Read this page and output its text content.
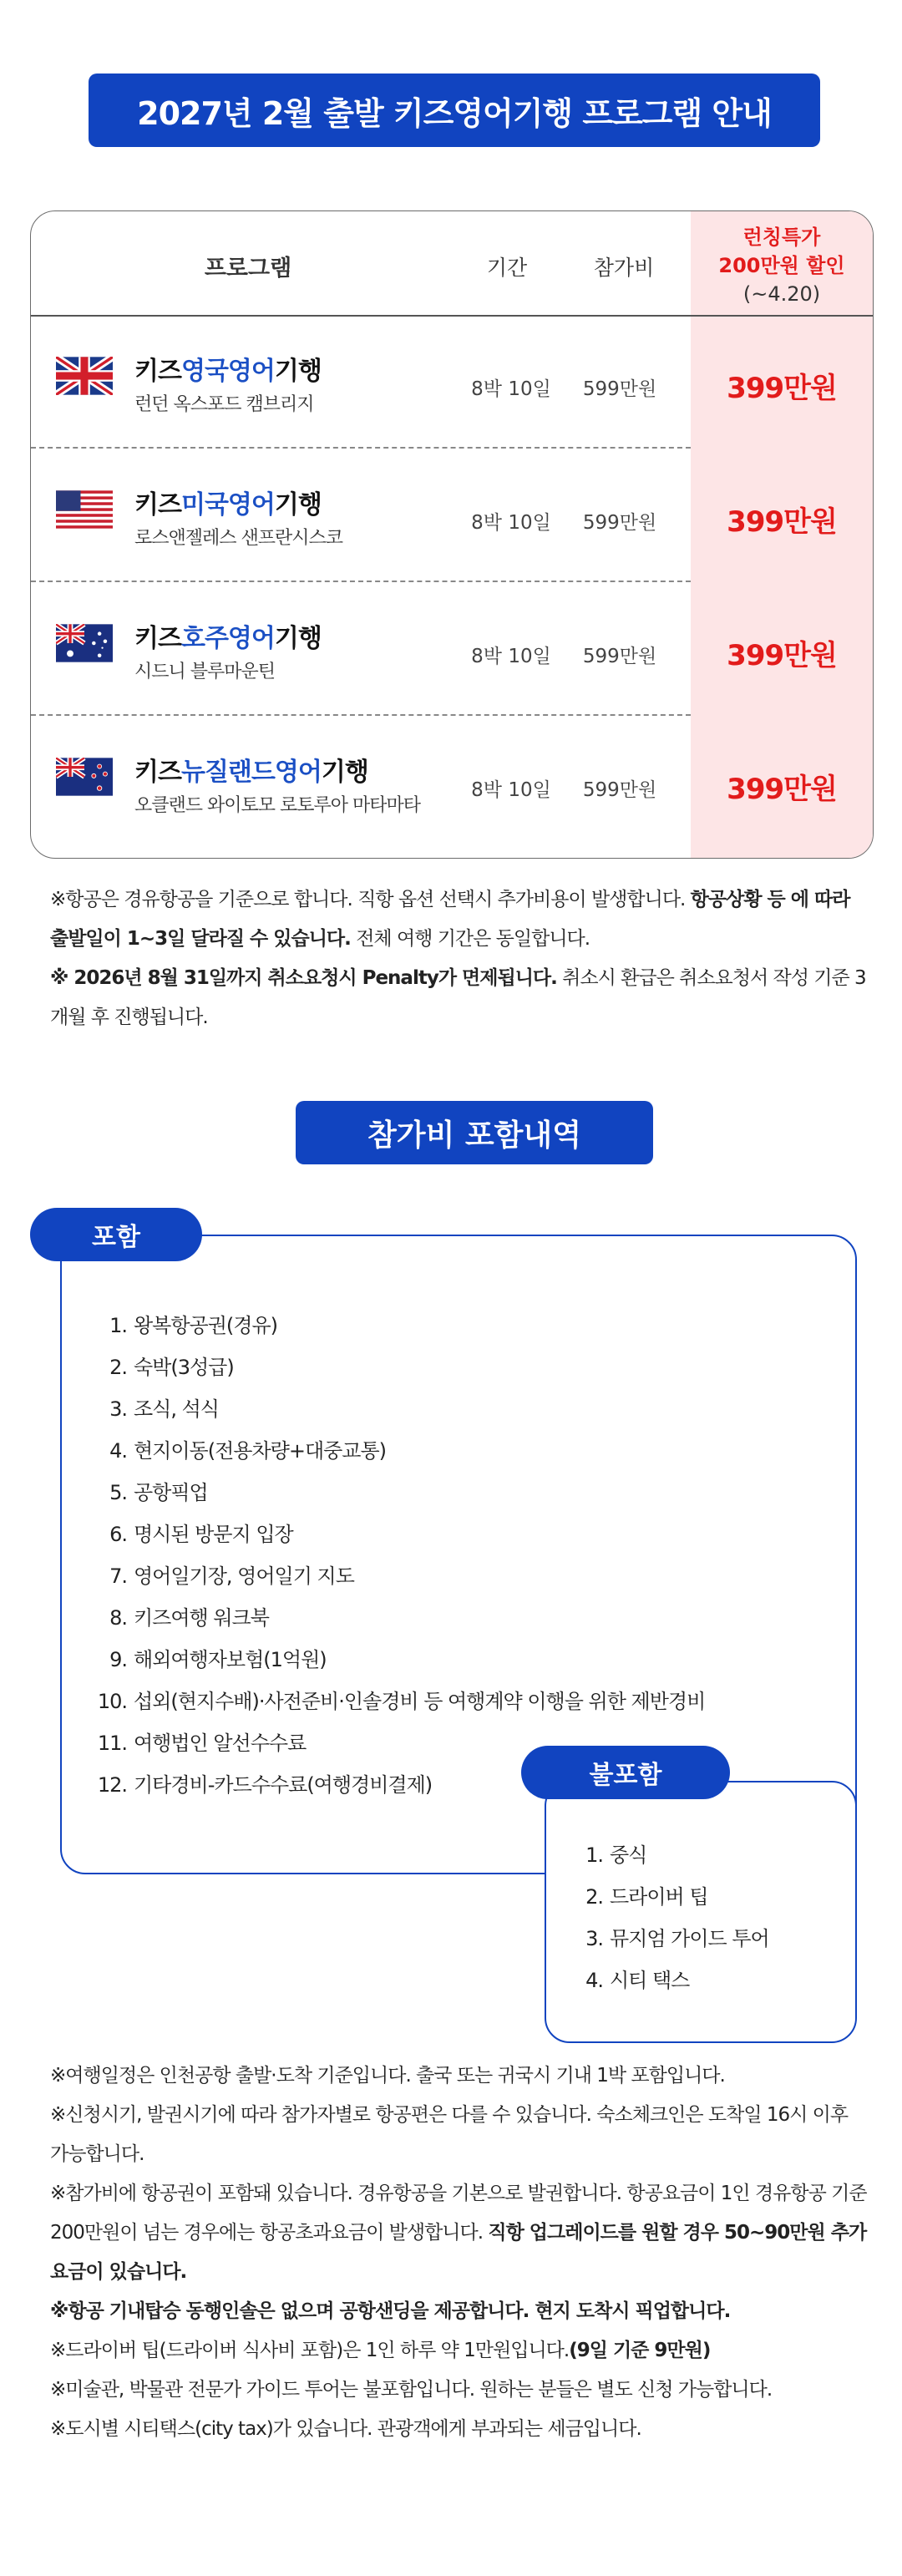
2027년 2월 출발 키즈영어기행 프로그램 안내
프로그램	기간	참가비
런칭특가
200만원 할인
(~4.20)
키즈영국영어기행
런던 옥스포드 캠브리지
8박 10일	599만원	399만원
키즈미국영어기행
로스앤젤레스 샌프란시스코
8박 10일	599만원	399만원
키즈호주영어기행
시드니 블루마운틴
8박 10일	599만원	399만원
키즈뉴질랜드영어기행
오클랜드 와이토모 로토루아 마타마타
8박 10일	599만원	399만원

※항공은 경유항공을 기준으로 합니다. 직항 옵션 선택시 추가비용이 발생합니다. 항공상황 등 에 따라 출발일이 1~3일 달라질 수 있습니다. 전체 여행 기간은 동일합니다.

※ 2026년 8월 31일까지 취소요청시 Penalty가 면제됩니다. 취소시 환급은 취소요청서 작성 기준 3개월 후 진행됩니다.

참가비 포함내역
포함
1. 왕복항공권(경유)
2. 숙박(3성급)
3. 조식, 석식
4. 현지이동(전용차량+대중교통)
5. 공항픽업
6. 명시된 방문지 입장
7. 영어일기장, 영어일기 지도
8. 키즈여행 워크북
9. 해외여행자보험(1억원)
10. 섭외(현지수배)·사전준비·인솔경비 등 여행계약 이행을 위한 제반경비
11. 여행법인 알선수수료
12. 기타경비-카드수수료(여행경비결제)	불포함
1. 중식
2. 드라이버 팁
3. 뮤지엄 가이드 투어
4. 시티 택스

※여행일정은 인천공항 출발·도착 기준입니다. 출국 또는 귀국시 기내 1박 포함입니다.

※신청시기, 발권시기에 따라 참가자별로 항공편은 다를 수 있습니다. 숙소체크인은 도착일 16시 이후 가능합니다.

※참가비에 항공권이 포함돼 있습니다. 경유항공을 기본으로 발권합니다. 항공요금이 1인 경유항공 기준 200만원이 넘는 경우에는 항공초과요금이 발생합니다. 직항 업그레이드를 원할 경우 50~90만원 추가요금이 있습니다.

※항공 기내탑승 동행인솔은 없으며 공항샌딩을 제공합니다. 현지 도착시 픽업합니다.

※드라이버 팁(드라이버 식사비 포함)은 1인 하루 약 1만원입니다.(9일 기준 9만원)

※미술관, 박물관 전문가 가이드 투어는 불포함입니다. 원하는 분들은 별도 신청 가능합니다.

※도시별 시티택스(city tax)가 있습니다. 관광객에게 부과되는 세금입니다.
